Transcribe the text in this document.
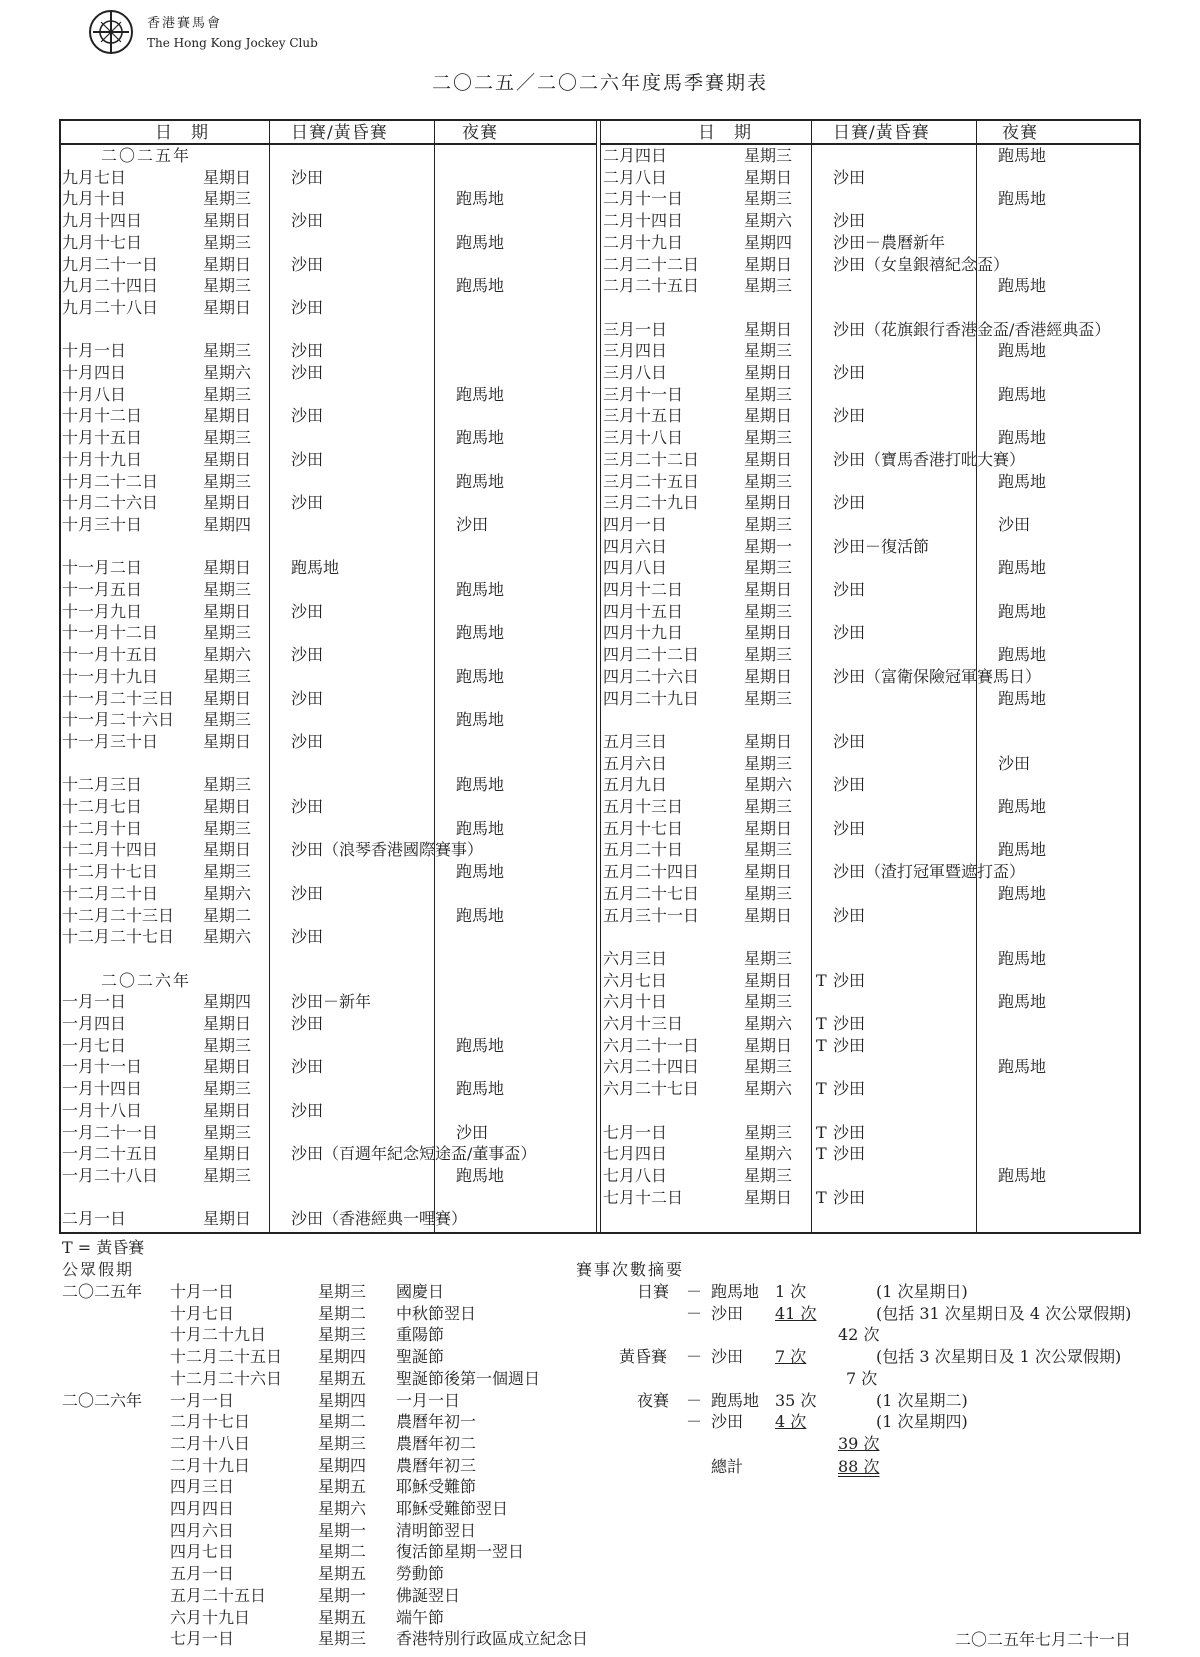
香港賽馬會
The Hong Kong Jockey Club
二〇二五／二〇二六年度馬季賽期表
日　期	日賽/黃昏賽	夜賽	日　期	日賽/黃昏賽	夜賽
二〇二五年
九月七日	星期日 沙田
九月十日	星期三	跑馬地
九月十四日	星期日 沙田
九月十七日	星期三	跑馬地
九月二十一日	星期日 沙田
九月二十四日	星期三	跑馬地
九月二十八日	星期日 沙田
十月一日	星期三 沙田
十月四日	星期六 沙田
十月八日	星期三	跑馬地
十月十二日	星期日 沙田
十月十五日	星期三	跑馬地
十月十九日	星期日 沙田
十月二十二日	星期三	跑馬地
十月二十六日	星期日 沙田
十月三十日	星期四	沙田
十一月二日	星期日 跑馬地
十一月五日	星期三	跑馬地
十一月九日	星期日 沙田
十一月十二日	星期三	跑馬地
十一月十五日	星期六 沙田
十一月十九日	星期三	跑馬地
十一月二十三日 星期日 沙田
十一月二十六日 星期三	跑馬地
十一月三十日	星期日 沙田
十二月三日	星期三	跑馬地
十二月七日	星期日 沙田
十二月十日	星期三	跑馬地
十二月十四日	星期日 沙田（浪琴香港國際賽事）
十二月十七日	星期三	跑馬地
十二月二十日	星期六 沙田
十二月二十三日 星期二	跑馬地
十二月二十七日 星期六 沙田
二〇二六年
一月一日	星期四 沙田－新年
一月四日	星期日 沙田
一月七日	星期三	跑馬地
一月十一日	星期日 沙田
一月十四日	星期三	跑馬地
一月十八日	星期日 沙田
一月二十一日	星期三	沙田
一月二十五日	星期日 沙田（百週年紀念短途盃/董事盃）
一月二十八日	星期三	跑馬地
二月一日	星期日 沙田（香港經典一哩賽）
二月四日	星期三	跑馬地
二月八日	星期日	沙田
二月十一日	星期三	跑馬地
二月十四日	星期六	沙田
二月十九日	星期四	沙田－農曆新年
二月二十二日	星期日	沙田（女皇銀禧紀念盃）
二月二十五日	星期三	跑馬地
三月一日	星期日	沙田（花旗銀行香港金盃/香港經典盃）
三月四日	星期三	跑馬地
三月八日	星期日	沙田
三月十一日	星期三	跑馬地
三月十五日	星期日	沙田
三月十八日	星期三	跑馬地
三月二十二日	星期日	沙田（寶馬香港打吡大賽）
三月二十五日	星期三	跑馬地
三月二十九日	星期日	沙田
四月一日	星期三	沙田
四月六日	星期一	沙田－復活節
四月八日	星期三	跑馬地
四月十二日	星期日	沙田
四月十五日	星期三	跑馬地
四月十九日	星期日	沙田
四月二十二日	星期三	跑馬地
四月二十六日	星期日	沙田（富衛保險冠軍賽馬日）
四月二十九日	星期三	跑馬地
五月三日	星期日	沙田
五月六日	星期三	沙田
五月九日	星期六	沙田
五月十三日	星期三	跑馬地
五月十七日	星期日	沙田
五月二十日	星期三	跑馬地
五月二十四日	星期日	沙田（渣打冠軍暨遮打盃）
五月二十七日	星期三	跑馬地
五月三十一日	星期日	沙田
六月三日	星期三	跑馬地
六月七日	星期日 T 沙田
六月十日	星期三	跑馬地
六月十三日	星期六 T 沙田
六月二十一日	星期日 T 沙田
六月二十四日	星期三	跑馬地
六月二十七日	星期六 T 沙田
七月一日	星期三 T 沙田
七月四日	星期六 T 沙田
七月八日	星期三	跑馬地
七月十二日	星期日 T 沙田
T = 黃昏賽
公眾假期
二〇二五年 十月一日	星期三 國慶日
十月七日	星期二 中秋節翌日
十月二十九日	星期三 重陽節
十二月二十五日 星期四 聖誕節
十二月二十六日 星期五 聖誕節後第一個週日
二〇二六年 一月一日	星期四 一月一日
二月十七日	星期二 農曆年初一
二月十八日	星期三 農曆年初二
二月十九日	星期四 農曆年初三
四月三日	星期五 耶穌受難節
四月四日	星期六 耶穌受難節翌日
四月六日	星期一 清明節翌日
四月七日	星期二 復活節星期一翌日
五月一日	星期五 勞動節
五月二十五日	星期一 佛誕翌日
六月十九日	星期五 端午節
七月一日	星期三 香港特別行政區成立紀念日
賽事次數摘要
日賽 － 跑馬地 1 次	(1 次星期日)
－ 沙田 41 次	(包括 31 次星期日及 4 次公眾假期)
42 次
黃昏賽 － 沙田 7 次	(包括 3 次星期日及 1 次公眾假期)
7 次
夜賽 － 跑馬地 35 次	(1 次星期二)
－ 沙田 4 次	(1 次星期四)
39 次
總計	88 次
二〇二五年七月二十一日
